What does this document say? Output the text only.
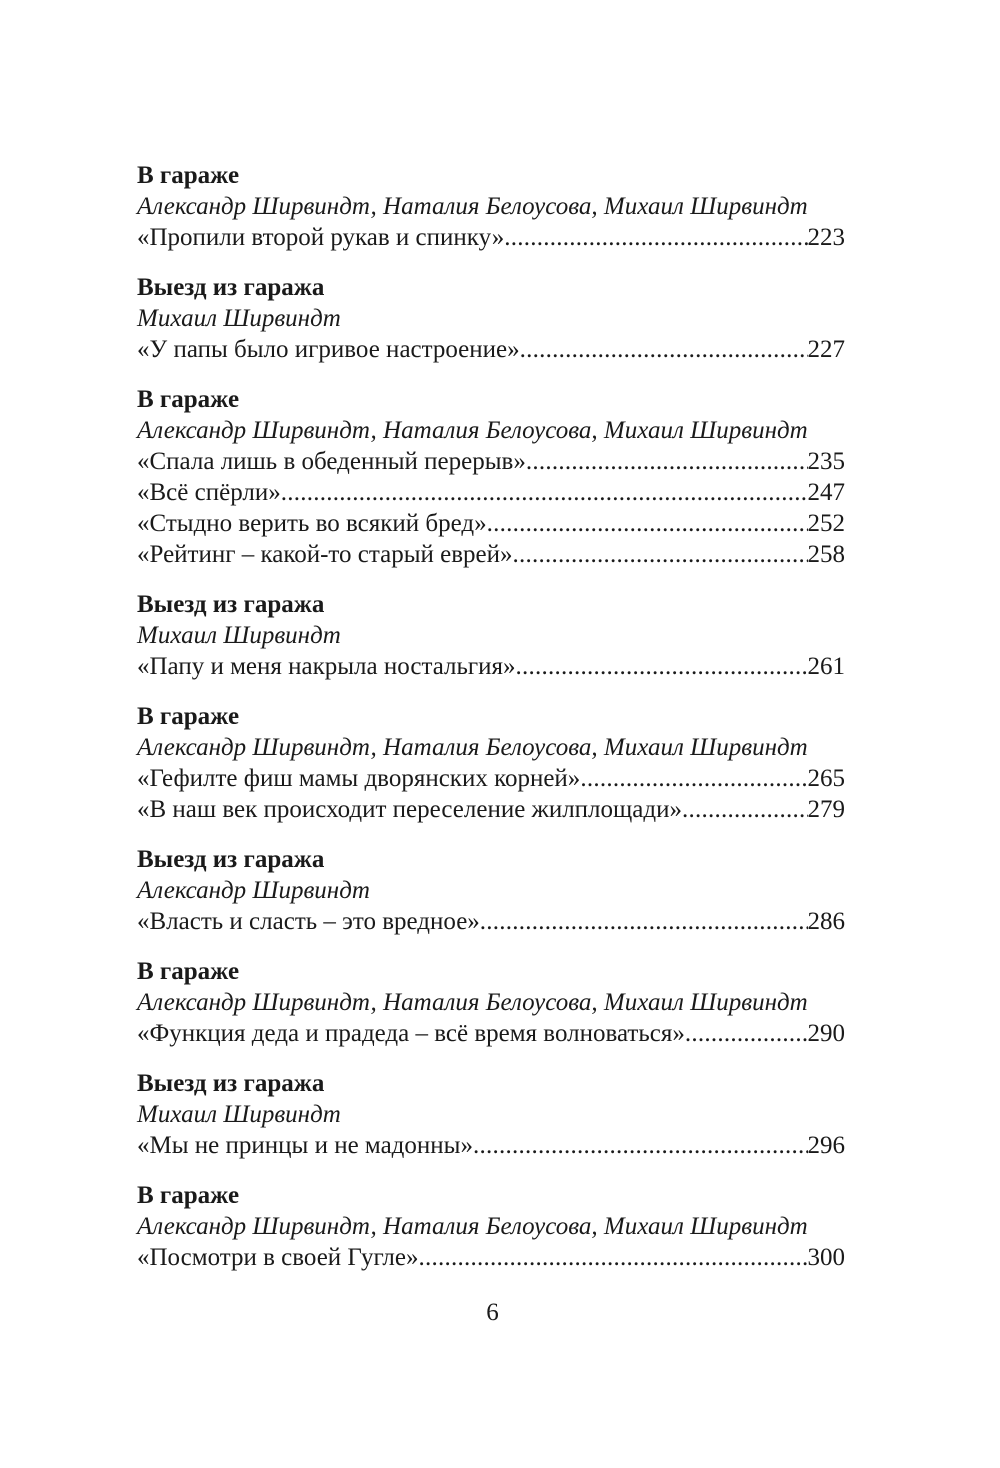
В гараже
Александр Ширвиндт, Наталия Белоусова, Михаил Ширвиндт
«Пропили второй рукав и спинку» . . .	223
Выезд из гаража
Михаил Ширвиндт
«У папы было игривое настроение» . . .	227
В гараже
Александр Ширвиндт, Наталия Белоусова, Михаил Ширвиндт
«Спала лишь в обеденный перерыв» . . .	235
«Всё спёрли» . . .	247
«Стыдно верить во всякий бред» . . .	252
«Рейтинг – какой-то старый еврей» . . .	258
Выезд из гаража
Михаил Ширвиндт
«Папу и меня накрыла ностальгия» . . .	261
В гараже
Александр Ширвиндт, Наталия Белоусова, Михаил Ширвиндт
«Гефилте фиш мамы дворянских корней» . . .	265
«В наш век происходит переселение жилплощади» . . .	279
Выезд из гаража
Александр Ширвиндт
«Власть и сласть – это вредное» . . .	286
В гараже
Александр Ширвиндт, Наталия Белоусова, Михаил Ширвиндт
«Функция деда и прадеда – всё время волноваться» . . .	290
Выезд из гаража
Михаил Ширвиндт
«Мы не принцы и не мадонны» . . .	296
В гараже
Александр Ширвиндт, Наталия Белоусова, Михаил Ширвиндт
«Посмотри в своей Гугле» . . .	300
6
